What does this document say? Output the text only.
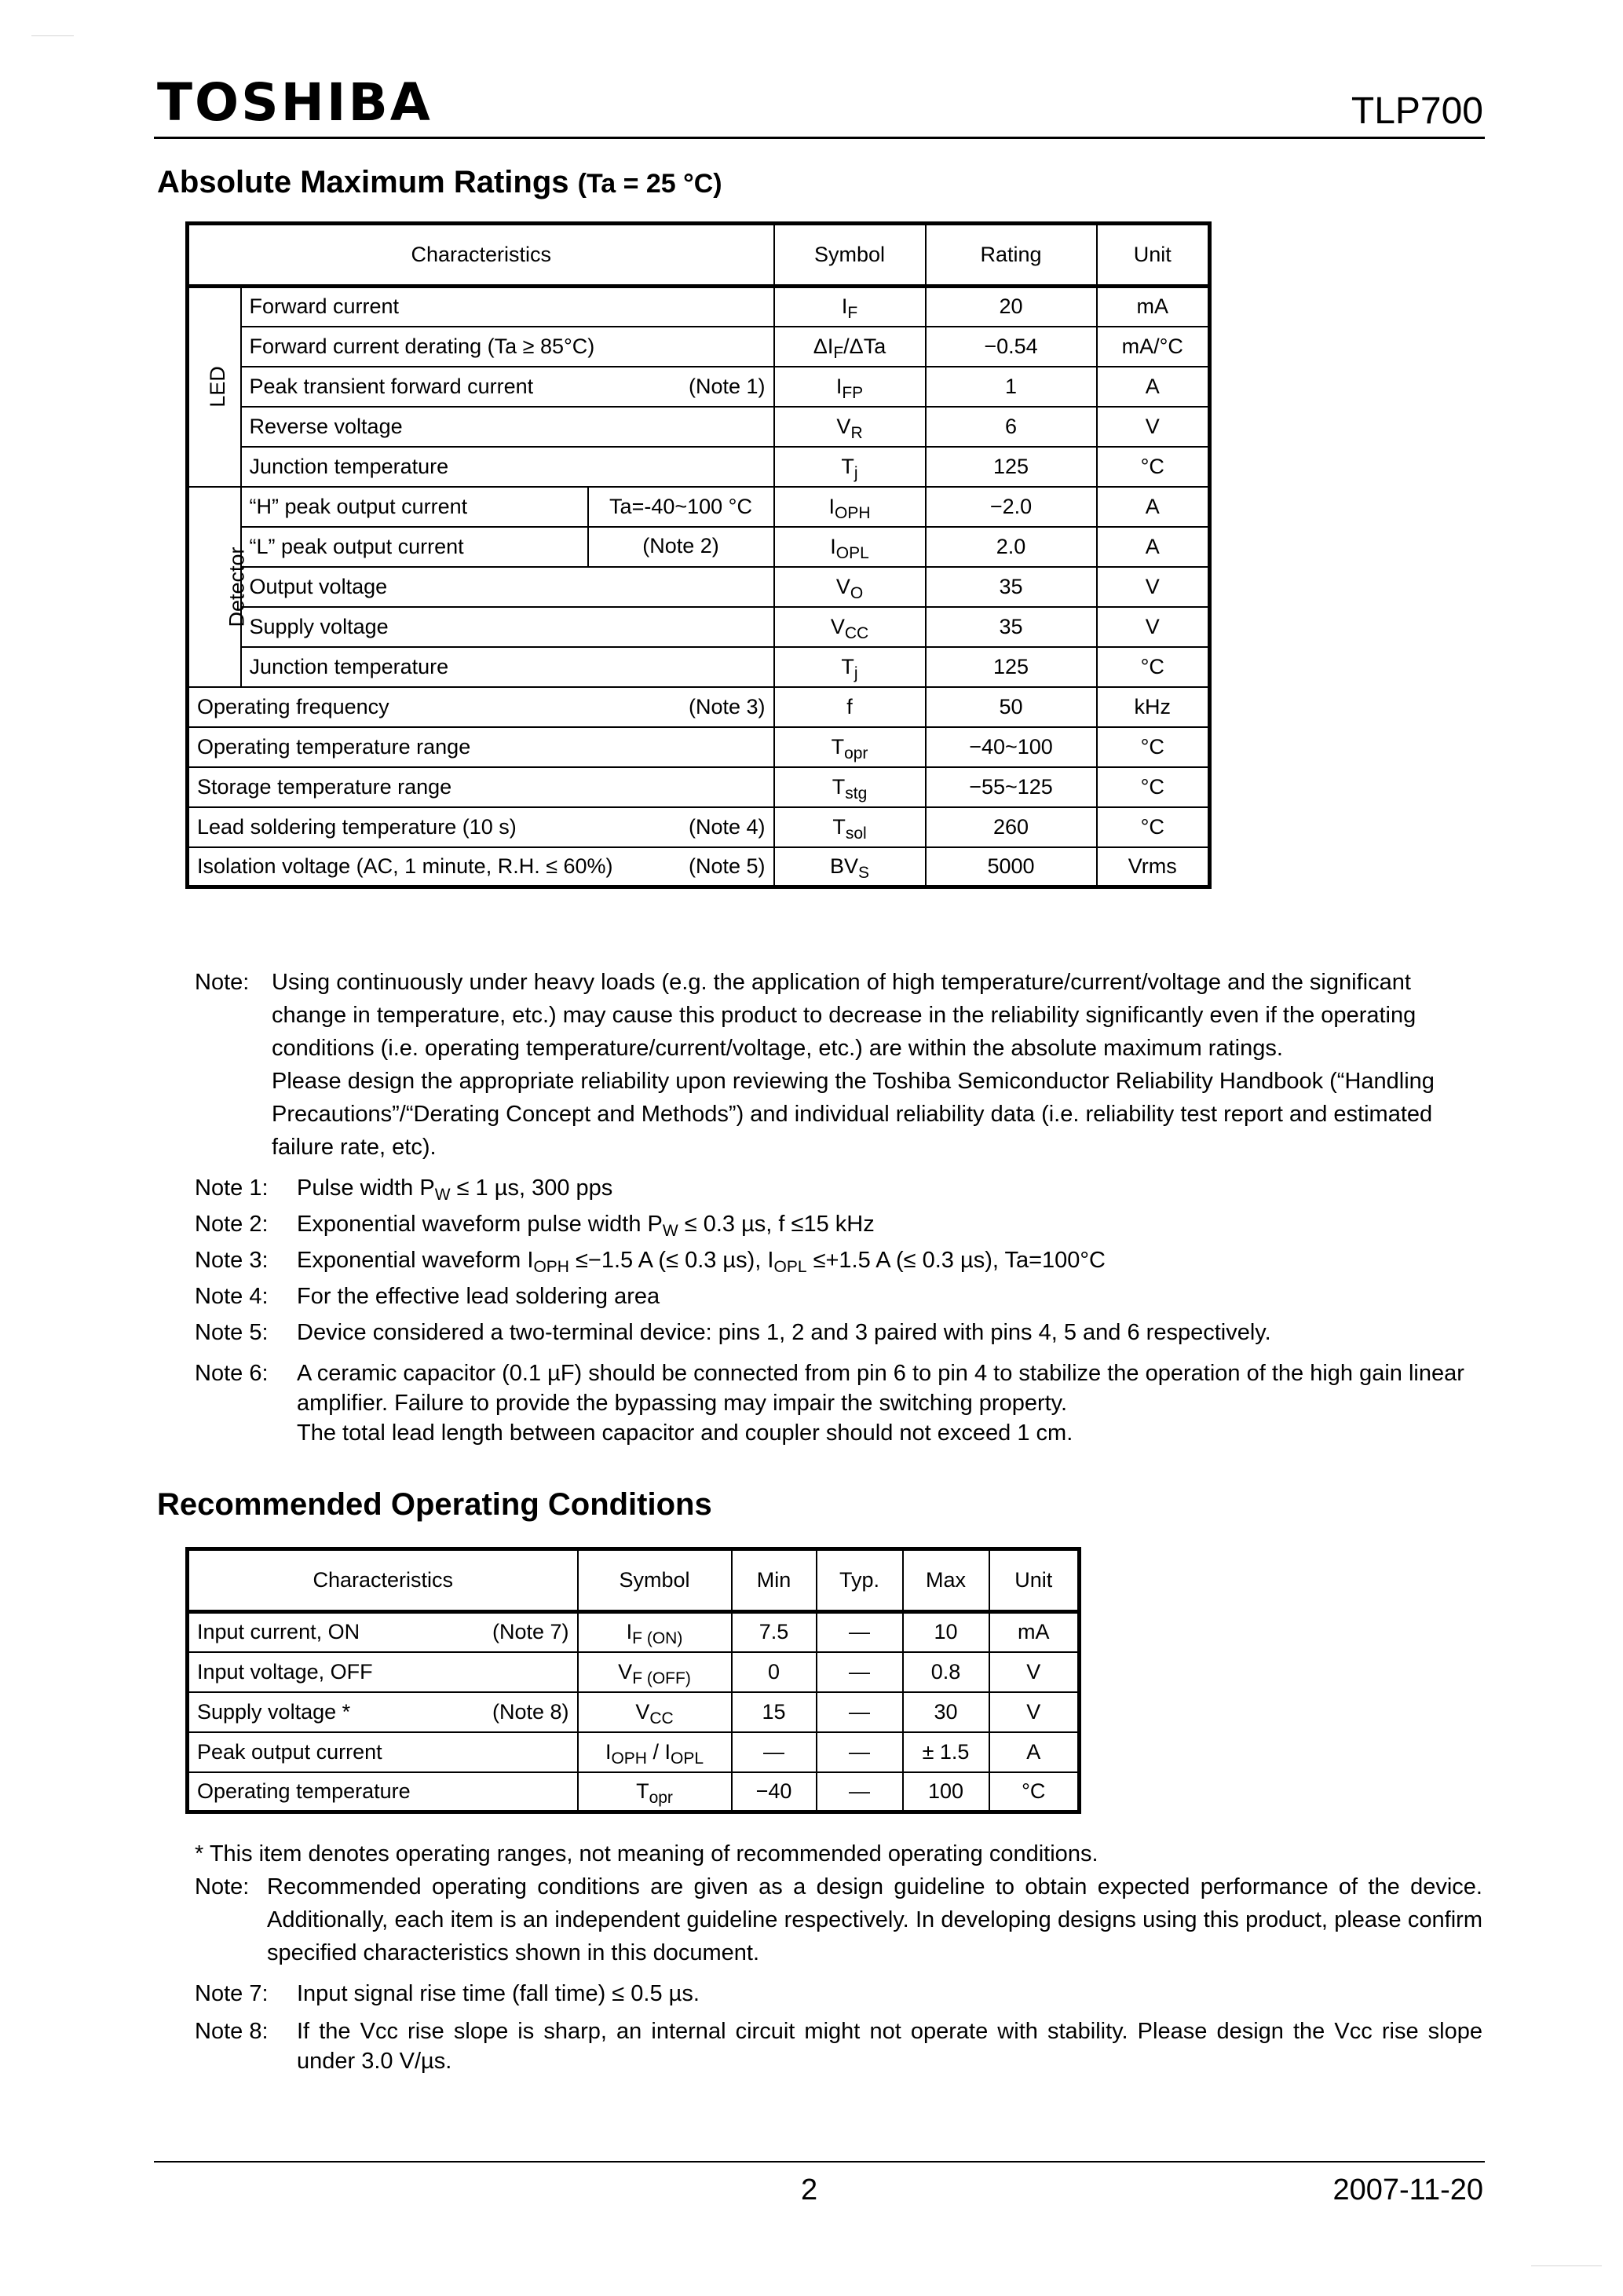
——————
——————————
TOSHIBA	TLP700
Absolute Maximum Ratings (Ta = 25 °C)
Characteristics			Symbol	Rating	Unit
LED	Forward current		$I_F$	20	mA
	Forward current derating (Ta ≥ 85°C)		$\Delta I_F$/ΔTa	−0.54	mA/°C

	Peak transient forward current (Note 1)		$I_{FP}$	1	A
	Reverse voltage		$V_R$	6	V
	Junction temperature		$T_j$	125	°C
Detector	“H” peak output current	Ta=-40~100 °C	$I_{OPH}$	−2.0	A
	“L” peak output current	(Note 2)	$I_{OPL}$	2.0	A
	Output voltage		$V_O$	35	V
	Supply voltage		$V_{CC}$	35	V
	Junction temperature		$T_j$	125	°C

Operating frequency (Note 3)			f	50	kHz
Operating temperature range			$T_{opr}$	−40~100	°C
Storage temperature range			$T_{stg}$	−55~125	°C

Lead soldering temperature (10 s) (Note 4)			$T_{sol}$	260	°C

Isolation voltage (AC, 1 minute, R.H. ≤ 60%) (Note 5)			$BV_S$	5000	Vrms
Note: Using continuously under heavy loads (e.g. the application of high temperature/current/voltage and the significant change in temperature, etc.) may cause this product to decrease in the reliability significantly even if the operating conditions (i.e. operating temperature/current/voltage, etc.) are within the absolute maximum ratings.
Please design the appropriate reliability upon reviewing the Toshiba Semiconductor Reliability Handbook (“Handling Precautions”/“Derating Concept and Methods”) and individual reliability data (i.e. reliability test report and estimated failure rate, etc).
Note 1:	Pulse width $P_W \le 1$ µs, 300 pps
Note 2:	Exponential waveform pulse width $P_W \le 0.3$ µs, f ≤15 kHz
Note 3:	Exponential waveform $I_{OPH} \le-1.5$ A (≤ 0.3 µs), $I_{OPL} \le+1.5$ A (≤ 0.3 µs), Ta=100°C
Note 4:	For the effective lead soldering area
Note 5:	Device considered a two-terminal device: pins 1, 2 and 3 paired with pins 4, 5 and 6 respectively.
Note 6:	A ceramic capacitor (0.1 µF) should be connected from pin 6 to pin 4 to stabilize the operation of the high gain linear amplifier. Failure to provide the bypassing may impair the switching property.
The total lead length between capacitor and coupler should not exceed 1 cm.
Recommended Operating Conditions
Characteristics	Symbol	Min	Typ.	Max	Unit

Input current, ON (Note 7)	$I_{F (ON)}$	7.5	—	10	mA

Input voltage, OFF	$V_{F (OFF)}$	0	—	0.8	V

Supply voltage * (Note 8)	$V_{CC}$	15	—	30	V

Peak output current	$I_{OPH} / I_{OPL}$	—	—	± 1.5	A

Operating temperature	$T_{opr}$	−40	—	100	°C
* This item denotes operating ranges, not meaning of recommended operating conditions.
Note: Recommended operating conditions are given as a design guideline to obtain expected performance of the device. Additionally, each item is an independent guideline respectively. In developing designs using this product, please confirm specified characteristics shown in this document.
Note 7:	Input signal rise time (fall time) ≤ 0.5 µs.
Note 8:	If the Vcc rise slope is sharp, an internal circuit might not operate with stability. Please design the Vcc rise slope under 3.0 V/µs.
2	2007-11-20
